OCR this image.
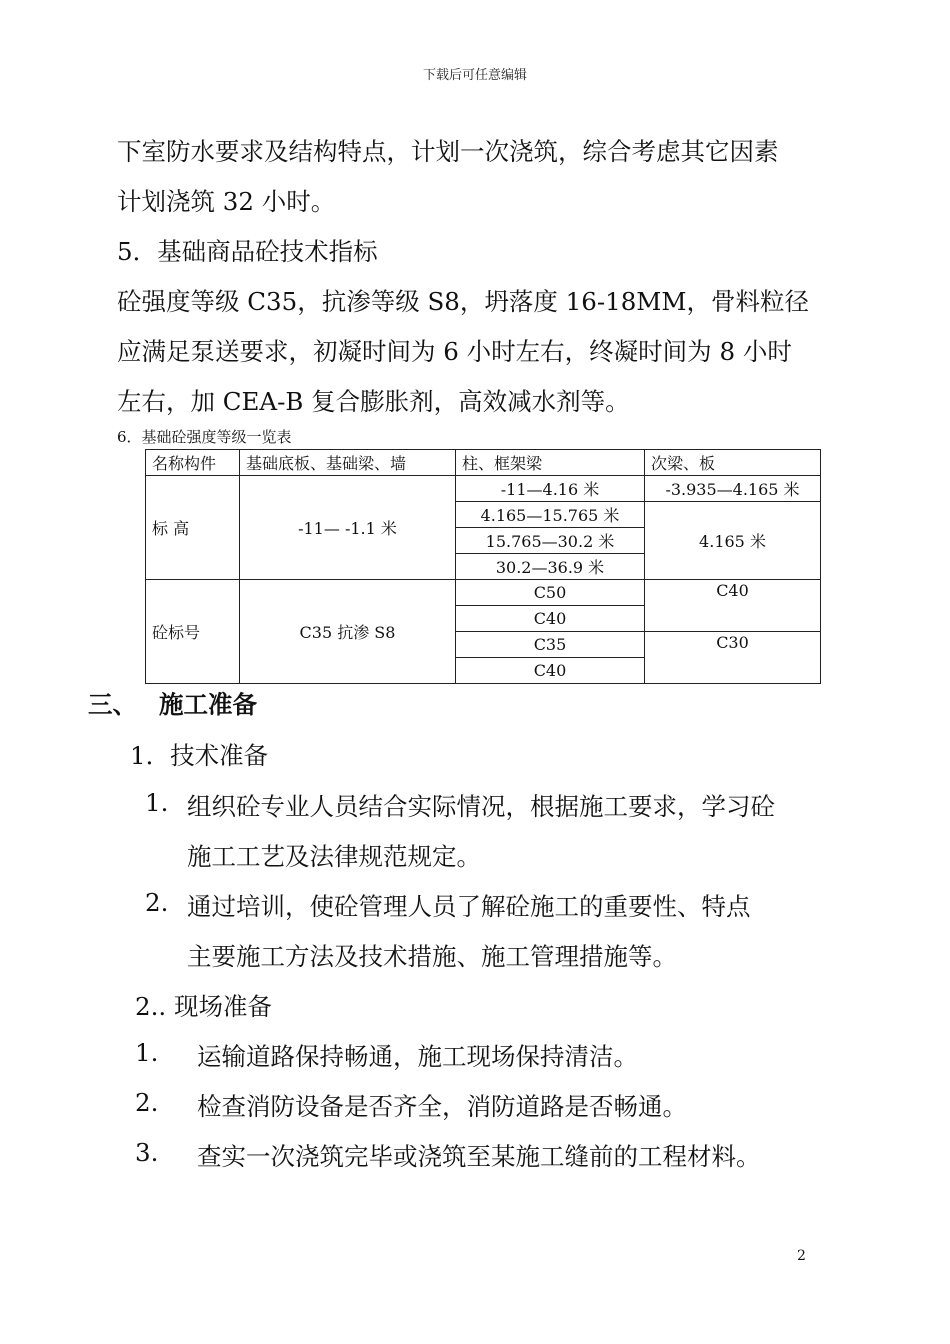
下载后可任意编辑
下室防水要求及结构特点，计划一次浇筑，综合考虑其它因素
计划浇筑 32 小时。
5．基础商品砼技术指标
砼强度等级 C35，抗渗等级 S8，坍落度 16-18MM，骨料粒径
应满足泵送要求，初凝时间为 6 小时左右，终凝时间为 8 小时
左右，加 CEA-B 复合膨胀剂，高效减水剂等。
6．基础砼强度等级一览表
名称构件	基础底板、基础梁、墙	柱、框架梁	次梁、板
标 高	-11— -1.1 米	-11—4.16 米	-3.935—4.165 米
		4.165—15.765 米	4.165 米
		15.765—30.2 米	
		30.2—36.9 米	
砼标号	C35 抗渗 S8	C50	C40
		C40	
		C35	C30
		C40	
三、 施工准备
1．技术准备
1. 组织砼专业人员结合实际情况，根据施工要求，学习砼
施工工艺及法律规范规定。
2. 通过培训，使砼管理人员了解砼施工的重要性、特点
主要施工方法及技术措施、施工管理措施等。
2.. 现场准备
1. 运输道路保持畅通，施工现场保持清洁。
2. 检查消防设备是否齐全，消防道路是否畅通。
3. 查实一次浇筑完毕或浇筑至某施工缝前的工程材料。
2
